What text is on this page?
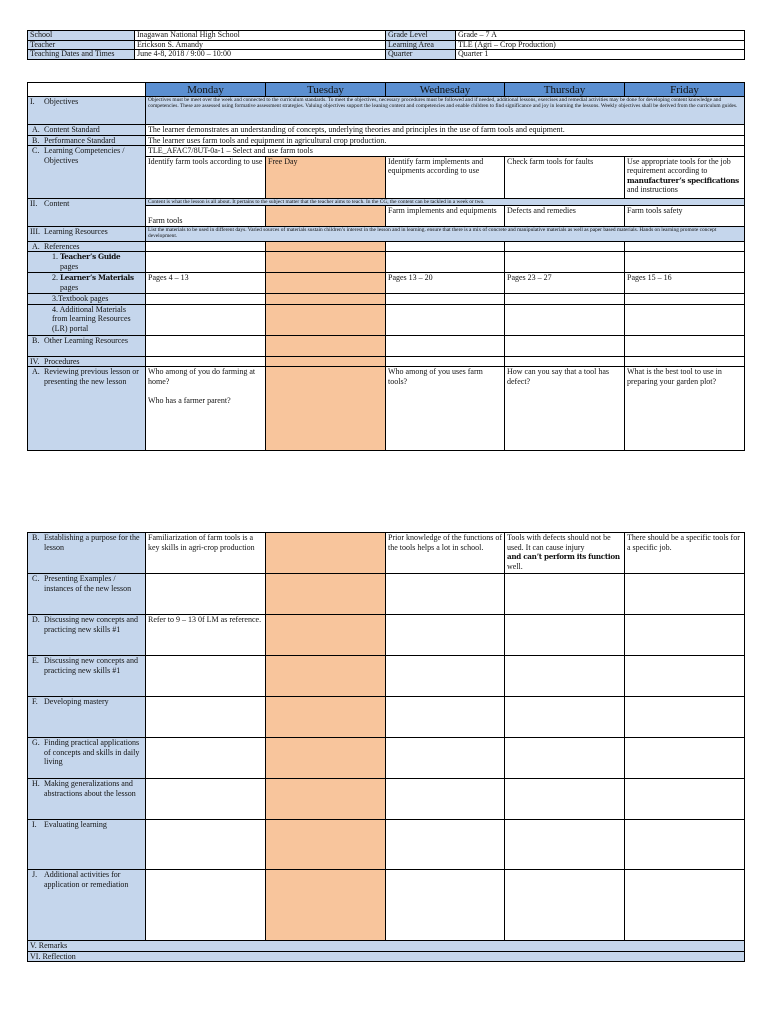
School	Inagawan National High School	Grade Level	Grade – 7 A
Teacher	Erickson S. Amandy	Learning Area	TLE (Agri – Crop Production)
Teaching Dates and Times	June 4-8, 2018 / 9:00 – 10:00	Quarter	Quarter 1
	Monday	Tuesday	Wednesday	Thursday	Friday
I. Objectives	Objectives must be meet over the week and connected to the curriculum standards. To meet the objectives, necessary procedures must be followed and if needed, additional lessons, exercises and remedial activities may be done for developing content knowledge and competencies. These are assessed using formative assessment strategies. Valuing objectives support the leaning content and competencies and enable children to find significance and joy in learning the lessons. Weekly objectives shall be derived from the curriculum guides.				
A. Content Standard	The learner demonstrates an understanding of concepts, underlying theories and principles in the use of farm tools and equipment.				
B. Performance Standard	The learner uses farm tools and equipment in agricultural crop production.				
C. Learning Competencies / Objectives	TLE_AFAC7/8UT-0a-1 – Select and use farm tools				
	Identify farm tools according to use	Free Day	Identify farm implements and equipments according to use	Check farm tools for faults	Use appropriate tools for the job requirement according to
manufacturer’s specifications
and instructions
II. Content	Content is what the lesson is all about. It pertains to the subject matter that the teacher aims to teach. In the CG, the content can be tackled in a week or two.				
	Farm tools		Farm implements and equipments	Defects and remedies	Farm tools safety
III. Learning Resources	List the materials to be used in different days. Varied sources of materials sustain children’s interest in the lesson and in learning. ensure that there is a mix of concrete and manipulative materials as well as paper based materials. Hands on learning promote concept development.				
A. References					
1. Teacher’s Guide
pages					
2. Learner’s Materials
pages	Pages 4 – 13		Pages 13 – 20	Pages 23 – 27	Pages 15 – 16
3.Textbook pages					
4. Additional Materials from learning Resources (LR) portal					
B. Other Learning Resources					
IV. Procedures					
A. Reviewing previous lesson or presenting the new lesson	Who among of you do farming at home?

Who has a farmer parent?		Who among of you uses farm tools?	How can you say that a tool has defect?	What is the best tool to use in preparing your garden plot?
B. Establishing a purpose for the lesson	Familiarization of farm tools is a key skills in agri-crop production		Prior knowledge of the functions of the tools helps a lot in school.	Tools with defects should not be used. It can cause injury
and can’t perform its function
well.	There should be a specific tools for a specific job.
C. Presenting Examples / instances of the new lesson					
D. Discussing new concepts and practicing new skills #1	Refer to 9 – 13 0f LM as reference.				
E. Discussing new concepts and practicing new skills #1					
F. Developing mastery					
G. Finding practical applications of concepts and skills in daily living					
H. Making generalizations and abstractions about the lesson					
I. Evaluating learning					
J. Additional activities for application or remediation					
V. Remarks					
VI. Reflection					
